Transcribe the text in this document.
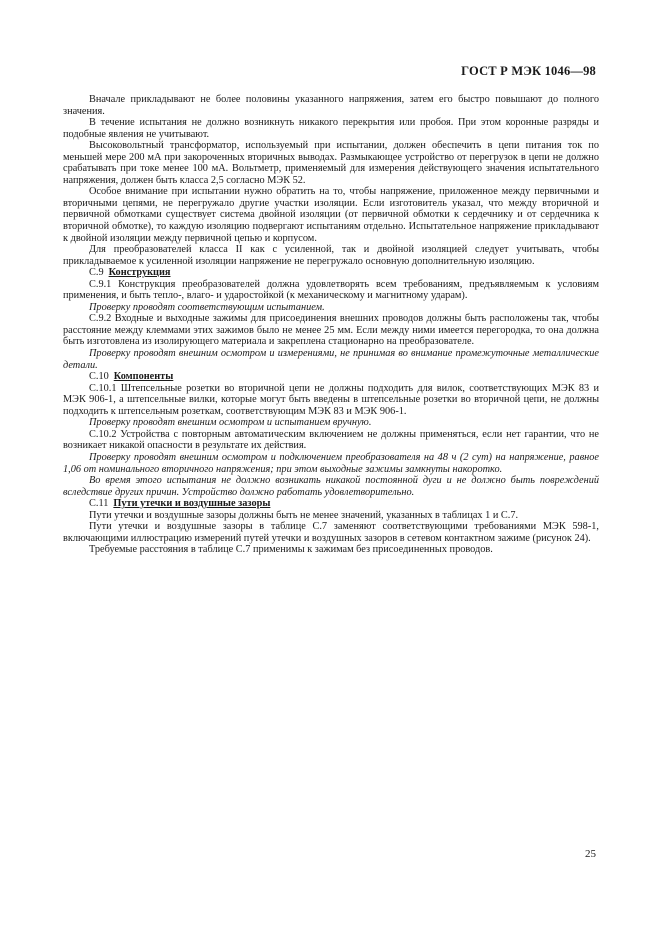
ГОСТ Р МЭК 1046—98

Вначале прикладывают не более половины указанного напряжения, затем его быстро повышают до полного значения.

В течение испытания не должно возникнуть никакого перекрытия или пробоя. При этом коронные разряды и подобные явления не учитывают.

Высоковольтный трансформатор, используемый при испытании, должен обеспечить в цепи питания ток по меньшей мере 200 мА при закороченных вторичных выводах. Размыкающее устройство от перегрузок в цепи не должно срабатывать при токе менее 100 мА. Вольтметр, применяемый для измерения действующего значения испытательного напряжения, должен быть класса 2,5 согласно МЭК 52.

Особое внимание при испытании нужно обратить на то, чтобы напряжение, приложенное между первичными и вторичными цепями, не перегружало другие участки изоляции. Если изготовитель указал, что между вторичной и первичной обмотками существует система двойной изоляции (от первичной обмотки к сердечнику и от сердечника к вторичной обмотке), то каждую изоляцию подвергают испытаниям отдельно. Испытательное напряжение прикладывают к двойной изоляции между первичной цепью и корпусом.

Для преобразователей класса II как с усиленной, так и двойной изоляцией следует учитывать, чтобы прикладываемое к усиленной изоляции напряжение не перегружало основную дополнительную изоляцию.

С.9 Конструкция

С.9.1 Конструкция преобразователей должна удовлетворять всем требованиям, предъявляемым к условиям применения, и быть тепло-, влаго- и ударостойкой (к механическому и магнитному ударам).

Проверку проводят соответствующим испытанием.

С.9.2 Входные и выходные зажимы для присоединения внешних проводов должны быть расположены так, чтобы расстояние между клеммами этих зажимов было не менее 25 мм. Если между ними имеется перегородка, то она должна быть изготовлена из изолирующего материала и закреплена стационарно на преобразователе.

Проверку проводят внешним осмотром и измерениями, не принимая во внимание промежуточные металлические детали.

С.10 Компоненты

С.10.1 Штепсельные розетки во вторичной цепи не должны подходить для вилок, соответствующих МЭК 83 и МЭК 906-1, а штепсельные вилки, которые могут быть введены в штепсельные розетки во вторичной цепи, не должны подходить к штепсельным розеткам, соответствующим МЭК 83 и МЭК 906-1.

Проверку проводят внешним осмотром и испытанием вручную.

С.10.2 Устройства с повторным автоматическим включением не должны применяться, если нет гарантии, что не возникает никакой опасности в результате их действия.

Проверку проводят внешним осмотром и подключением преобразователя на 48 ч (2 сут) на напряжение, равное 1,06 от номинального вторичного напряжения; при этом выходные зажимы замкнуты накоротко.

Во время этого испытания не должно возникать никакой постоянной дуги и не должно быть повреждений вследствие других причин. Устройство должно работать удовлетворительно.

С.11 Пути утечки и воздушные зазоры

Пути утечки и воздушные зазоры должны быть не менее значений, указанных в таблицах 1 и С.7.

Пути утечки и воздушные зазоры в таблице С.7 заменяют соответствующими требованиями МЭК 598-1, включающими иллюстрацию измерений путей утечки и воздушных зазоров в сетевом контактном зажиме (рисунок 24).

Требуемые расстояния в таблице С.7 применимы к зажимам без присоединенных проводов.

25
